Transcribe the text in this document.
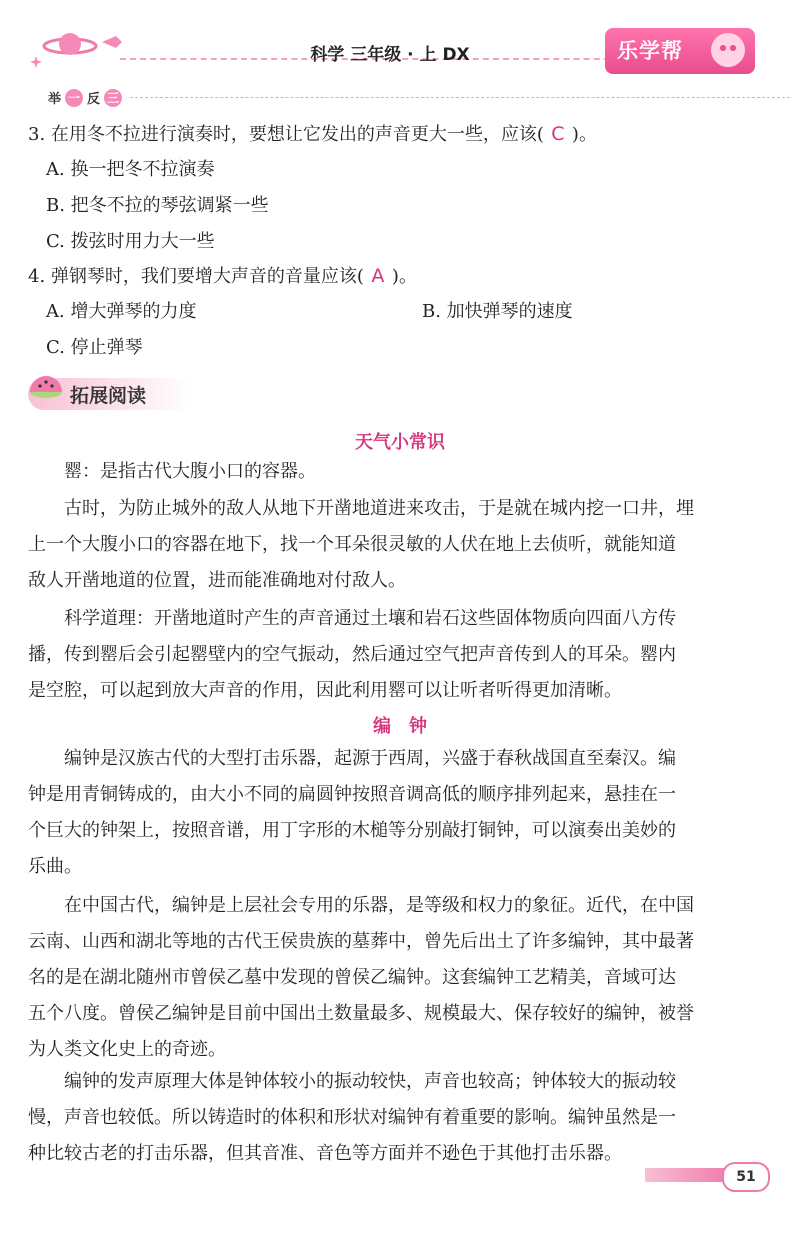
科学 三年级 · 上 DX	乐学帮
举 一 反 三
3. 在用冬不拉进行演奏时，要想让它发出的声音更大一些，应该( C )。
A. 换一把冬不拉演奏
B. 把冬不拉的琴弦调紧一些
C. 拨弦时用力大一些
4. 弹钢琴时，我们要增大声音的音量应该( A )。
A. 增大弹琴的力度	B. 加快弹琴的速度
C. 停止弹琴
拓展阅读
天气小常识
罂：是指古代大腹小口的容器。
古时，为防止城外的敌人从地下开凿地道进来攻击，于是就在城内挖一口井，埋
上一个大腹小口的容器在地下，找一个耳朵很灵敏的人伏在地上去侦听，就能知道
敌人开凿地道的位置，进而能准确地对付敌人。
科学道理：开凿地道时产生的声音通过土壤和岩石这些固体物质向四面八方传
播，传到罂后会引起罂壁内的空气振动，然后通过空气把声音传到人的耳朵。罂内
是空腔，可以起到放大声音的作用，因此利用罂可以让听者听得更加清晰。
编　钟
编钟是汉族古代的大型打击乐器，起源于西周，兴盛于春秋战国直至秦汉。编
钟是用青铜铸成的，由大小不同的扁圆钟按照音调高低的顺序排列起来，悬挂在一
个巨大的钟架上，按照音谱，用丁字形的木槌等分别敲打铜钟，可以演奏出美妙的
乐曲。
在中国古代，编钟是上层社会专用的乐器，是等级和权力的象征。近代，在中国
云南、山西和湖北等地的古代王侯贵族的墓葬中，曾先后出土了许多编钟，其中最著
名的是在湖北随州市曾侯乙墓中发现的曾侯乙编钟。这套编钟工艺精美，音域可达
五个八度。曾侯乙编钟是目前中国出土数量最多、规模最大、保存较好的编钟，被誉
为人类文化史上的奇迹。
编钟的发声原理大体是钟体较小的振动较快，声音也较高；钟体较大的振动较
慢，声音也较低。所以铸造时的体积和形状对编钟有着重要的影响。编钟虽然是一
种比较古老的打击乐器，但其音准、音色等方面并不逊色于其他打击乐器。
51
